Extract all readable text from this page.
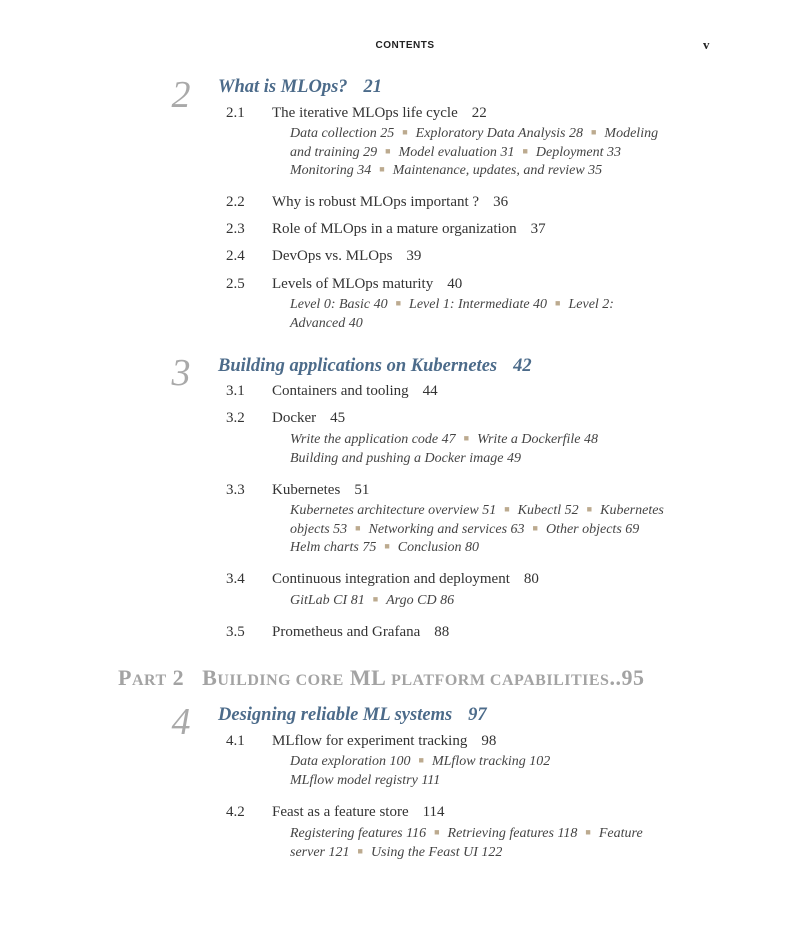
CONTENTS	v
2 What is MLOps? 21
2.1 The iterative MLOps life cycle 22
Data collection 25 ■ Exploratory Data Analysis 28 ■ Modeling
and training 29 ■ Model evaluation 31 ■ Deployment 33
Monitoring 34 ■ Maintenance, updates, and review 35
2.2 Why is robust MLOps important ? 36
2.3 Role of MLOps in a mature organization 37
2.4 DevOps vs. MLOps 39
2.5 Levels of MLOps maturity 40
Level 0: Basic 40 ■ Level 1: Intermediate 40 ■ Level 2:
Advanced 40
3 Building applications on Kubernetes 42
3.1 Containers and tooling 44
3.2 Docker 45
Write the application code 47 ■ Write a Dockerfile 48
Building and pushing a Docker image 49
3.3 Kubernetes 51
Kubernetes architecture overview 51 ■ Kubectl 52 ■ Kubernetes
objects 53 ■ Networking and services 63 ■ Other objects 69
Helm charts 75 ■ Conclusion 80
3.4 Continuous integration and deployment 80
GitLab CI 81 ■ Argo CD 86
3.5 Prometheus and Grafana 88
PART 2 BUILDING CORE ML PLATFORM CAPABILITIES..95
4 Designing reliable ML systems 97
4.1 MLflow for experiment tracking 98
Data exploration 100 ■ MLflow tracking 102
MLflow model registry 111
4.2 Feast as a feature store 114
Registering features 116 ■ Retrieving features 118 ■ Feature
server 121 ■ Using the Feast UI 122
